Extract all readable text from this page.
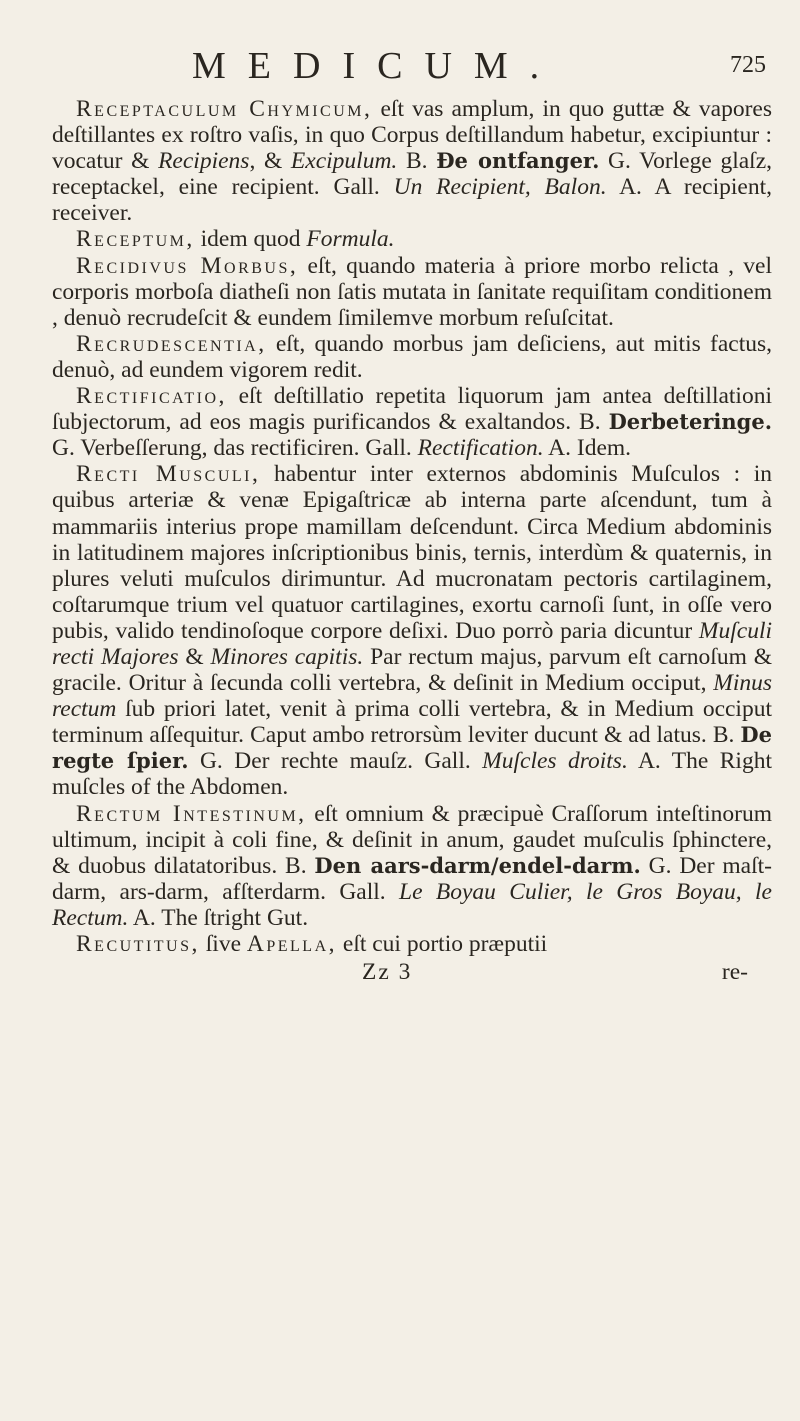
MEDICUM.	725

Receptaculum Chymicum, eſt vas amplum, in quo guttæ & vapores deſtillantes ex roſtro vaſis, in quo Corpus deſtillandum habetur, excipiuntur : vocatur & Recipiens, & Excipulum. B. Ðe ontfanger. G. Vorlege glaſz, receptackel, eine recipient. Gall. Un Recipient, Balon. A. A recipient, receiver.

Receptum, idem quod Formula.

Recidivus Morbus, eſt, quando materia à priore morbo relicta , vel corporis morboſa diatheſi non ſatis mutata in ſanitate requiſitam conditionem , denuò recrudeſcit & eundem ſimilemve morbum reſuſcitat.

Recrudescentia, eſt, quando morbus jam deſiciens, aut mitis factus, denuò, ad eundem vigorem redit.

Rectificatio, eſt deſtillatio repetita liquorum jam antea deſtillationi ſubjectorum, ad eos magis purificandos & exaltandos. B. Derbeteringe. G. Verbeſſerung, das rectificiren. Gall. Rectification. A. Idem.

Recti Musculi, habentur inter externos abdominis Muſculos : in quibus arteriæ & venæ Epigaſtricæ ab interna parte aſcendunt, tum à mammariis interius prope mamillam deſcendunt. Circa Medium abdominis in latitudinem majores inſcriptionibus binis, ternis, interdùm & quaternis, in plures veluti muſculos dirimuntur. Ad mucronatam pectoris cartilaginem, coſtarumque trium vel quatuor cartilagines, exortu carnoſi ſunt, in oſſe vero pubis, valido tendinoſoque corpore deſixi. Duo porrò paria dicuntur Muſculi recti Majores & Minores capitis. Par rectum majus, parvum eſt carnoſum & gracile. Oritur à ſecunda colli vertebra, & deſinit in Medium occiput, Minus rectum ſub priori latet, venit à prima colli vertebra, & in Medium occiput terminum aſſequitur. Caput ambo retrorsùm leviter ducunt & ad latus. B. De regte ſpier. G. Der rechte mauſz. Gall. Muſcles droits. A. The Right muſcles of the Abdomen.

Rectum Intestinum, eſt omnium & præcipuè Craſſorum inteſtinorum ultimum, incipit à coli fine, & deſinit in anum, gaudet muſculis ſphinctere, & duobus dilatatoribus. B. Den aars-darm/endel-darm. G. Der maſt-darm, ars-darm, afſterdarm. Gall. Le Boyau Culier, le Gros Boyau, le Rectum. A. The ſtright Gut.

Recutitus, ſive Apella, eſt cui portio præputii

Zz 3	re-
